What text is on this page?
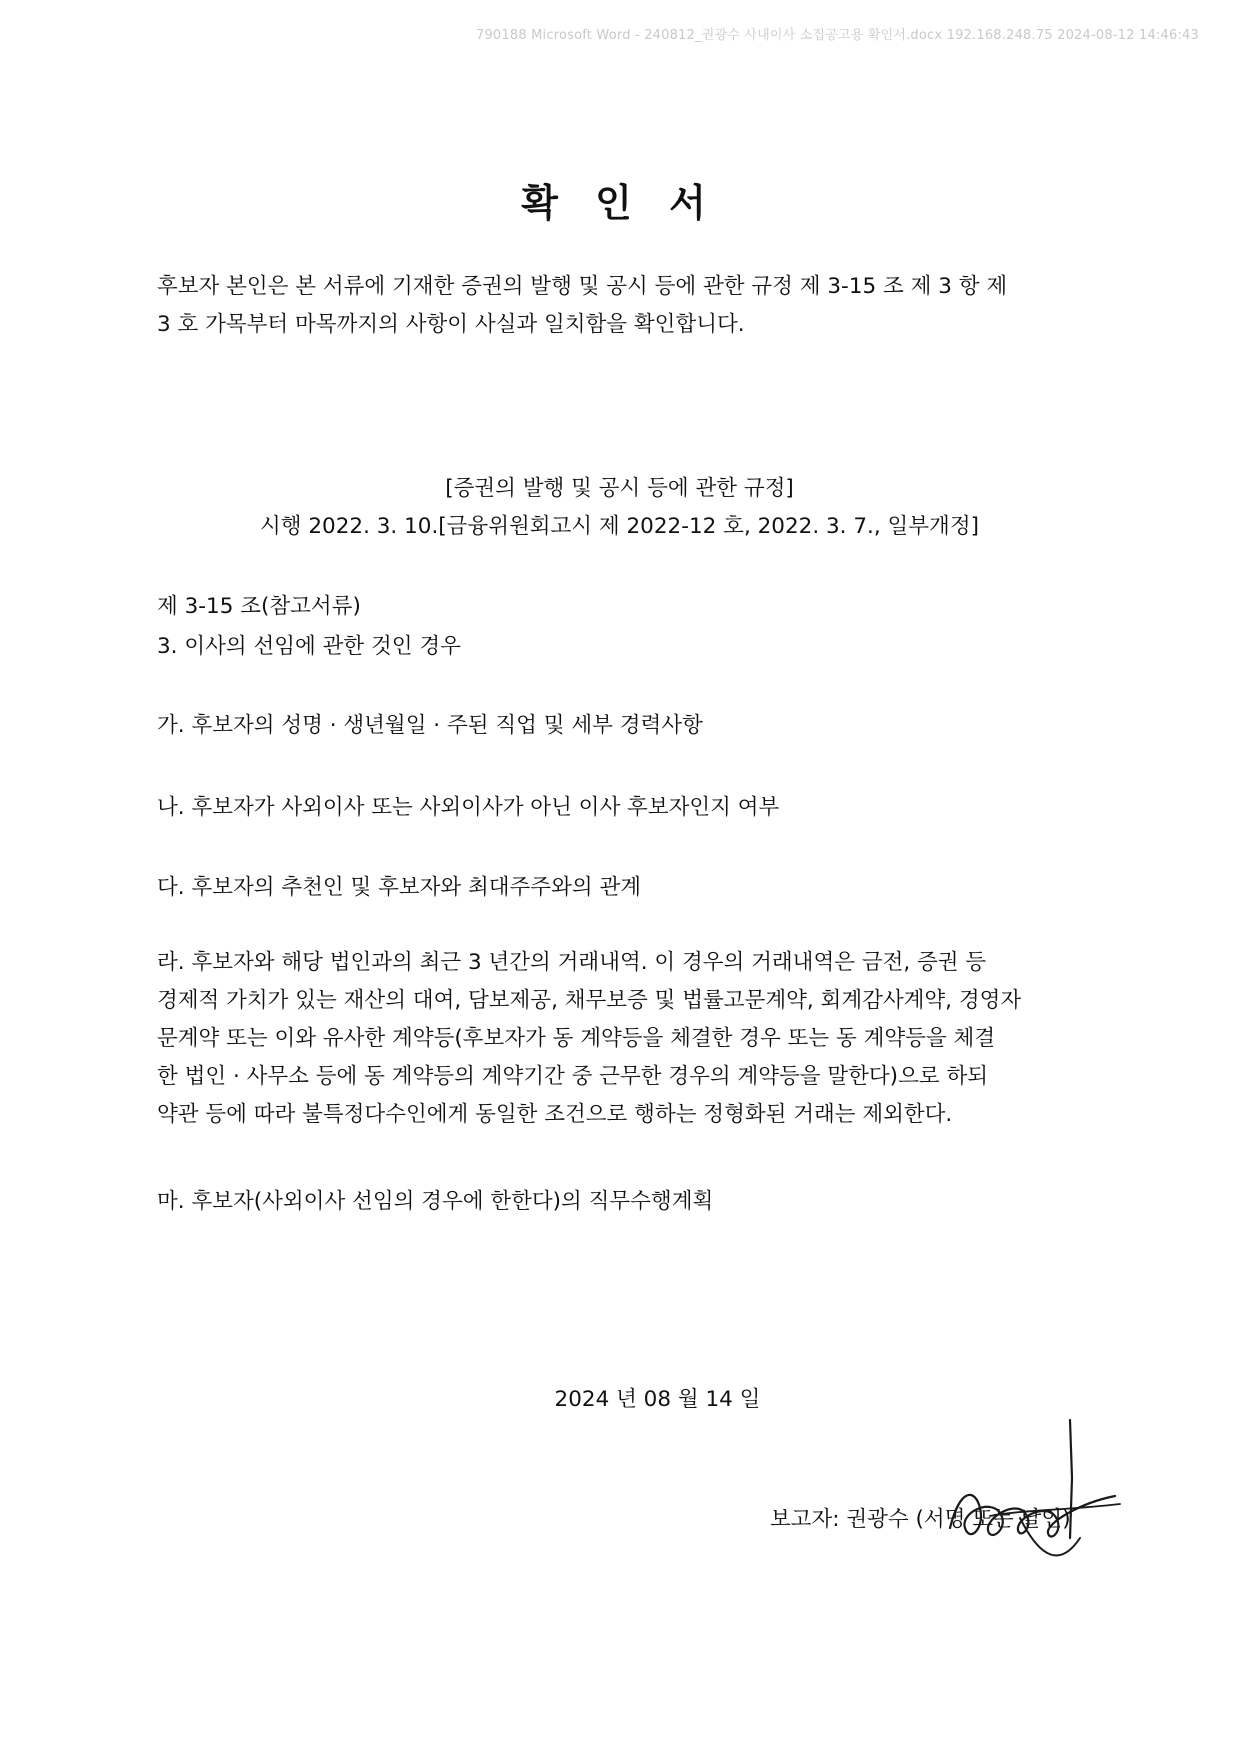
790188 Microsoft Word - 240812_권광수 사내이사 소집공고용 확인서.docx 192.168.248.75 2024-08-12 14:46:43
확 인 서
후보자 본인은 본 서류에 기재한 증권의 발행 및 공시 등에 관한 규정 제 3-15 조 제 3 항 제
3 호 가목부터 마목까지의 사항이 사실과 일치함을 확인합니다.
[증권의 발행 및 공시 등에 관한 규정]
시행 2022. 3. 10.[금융위원회고시 제 2022-12 호, 2022. 3. 7., 일부개정]
제 3-15 조(참고서류)
3. 이사의 선임에 관한 것인 경우
가. 후보자의 성명 · 생년월일 · 주된 직업 및 세부 경력사항
나. 후보자가 사외이사 또는 사외이사가 아닌 이사 후보자인지 여부
다. 후보자의 추천인 및 후보자와 최대주주와의 관계
라. 후보자와 해당 법인과의 최근 3 년간의 거래내역. 이 경우의 거래내역은 금전, 증권 등
경제적 가치가 있는 재산의 대여, 담보제공, 채무보증 및 법률고문계약, 회계감사계약, 경영자
문계약 또는 이와 유사한 계약등(후보자가 동 계약등을 체결한 경우 또는 동 계약등을 체결
한 법인 · 사무소 등에 동 계약등의 계약기간 중 근무한 경우의 계약등을 말한다)으로 하되
약관 등에 따라 불특정다수인에게 동일한 조건으로 행하는 정형화된 거래는 제외한다.
마. 후보자(사외이사 선임의 경우에 한한다)의 직무수행계획
2024 년 08 월 14 일
보고자: 권광수 (서명 또는 날인)
